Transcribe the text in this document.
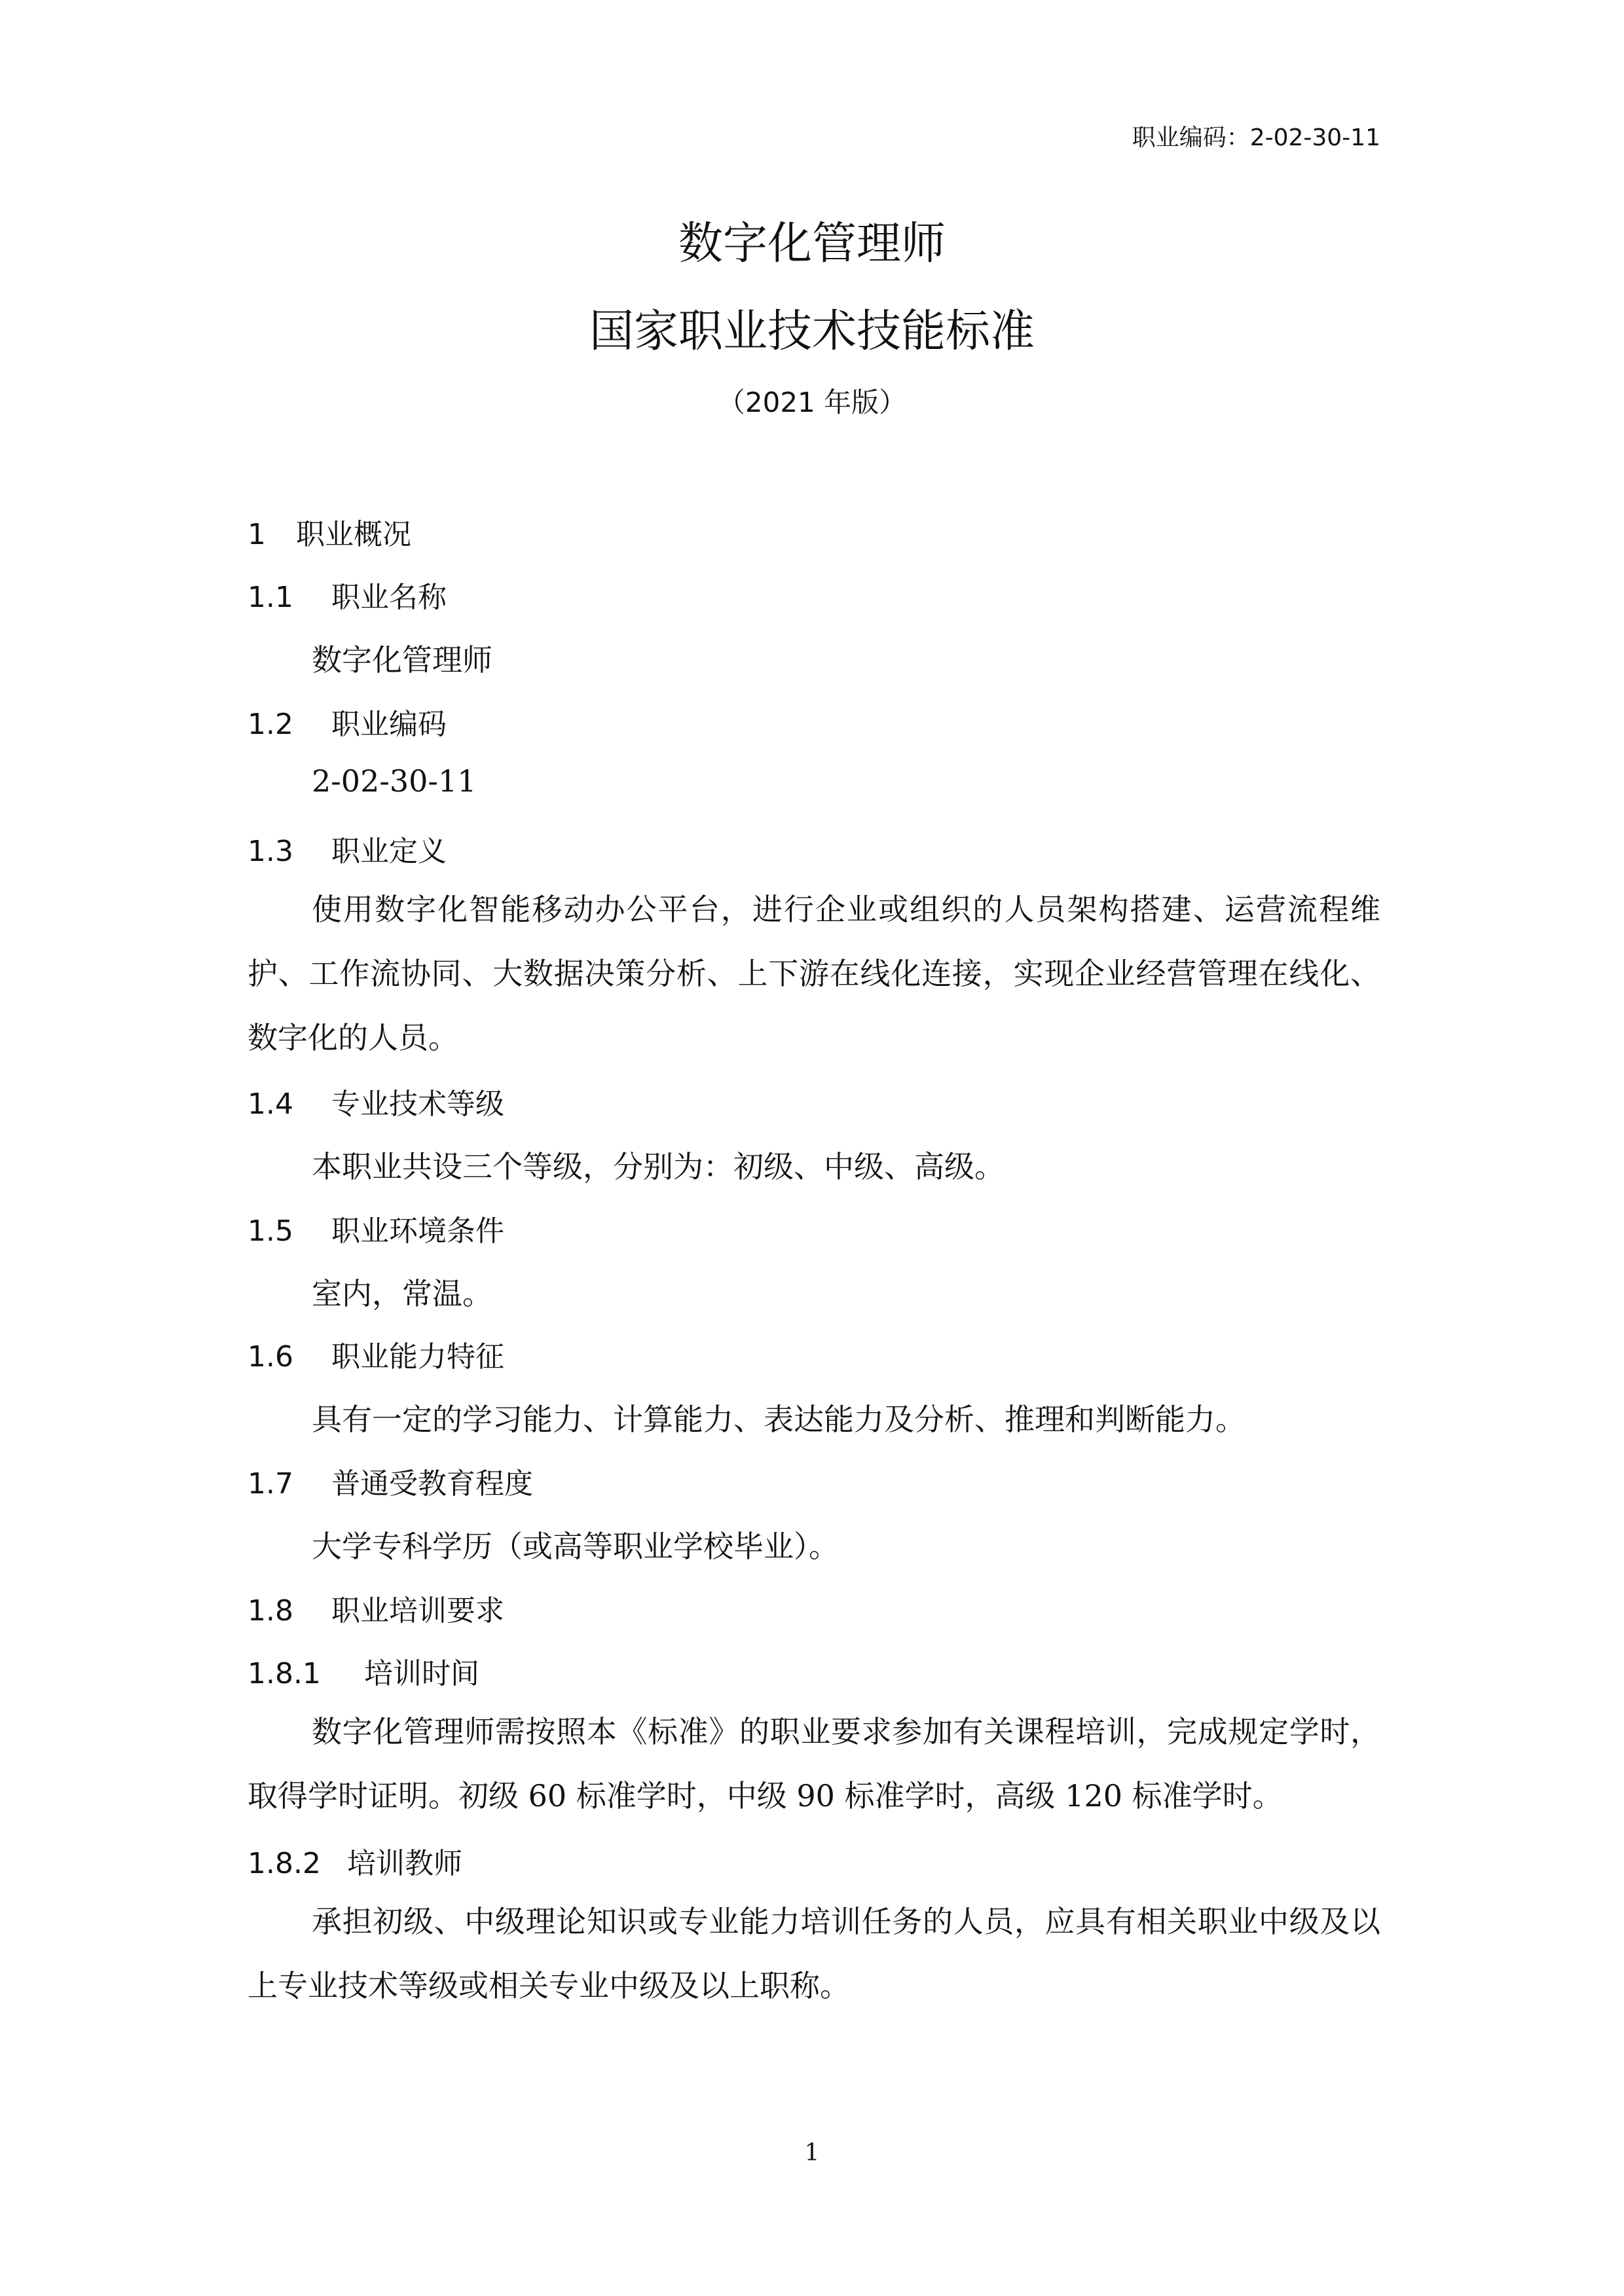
职业编码：2-02-30-11
数字化管理师
国家职业技术技能标准
（2021 年版）
1 职业概况
1.1 职业名称
数字化管理师
1.2 职业编码
2-02-30-11
1.3 职业定义

使用数字化智能移动办公平台，进行企业或组织的人员架构搭建、运营流程维护、工作流协同、大数据决策分析、上下游在线化连接，实现企业经营管理在线化、数字化的人员。

1.4 专业技术等级
本职业共设三个等级，分别为：初级、中级、高级。
1.5 职业环境条件
室内，常温。
1.6 职业能力特征
具有一定的学习能力、计算能力、表达能力及分析、推理和判断能力。
1.7 普通受教育程度
大学专科学历（或高等职业学校毕业）。
1.8 职业培训要求
1.8.1 培训时间

数字化管理师需按照本《标准》的职业要求参加有关课程培训，完成规定学时，取得学时证明。初级 60 标准学时，中级 90 标准学时，高级 120 标准学时。

1.8.2 培训教师

承担初级、中级理论知识或专业能力培训任务的人员，应具有相关职业中级及以上专业技术等级或相关专业中级及以上职称。

1
